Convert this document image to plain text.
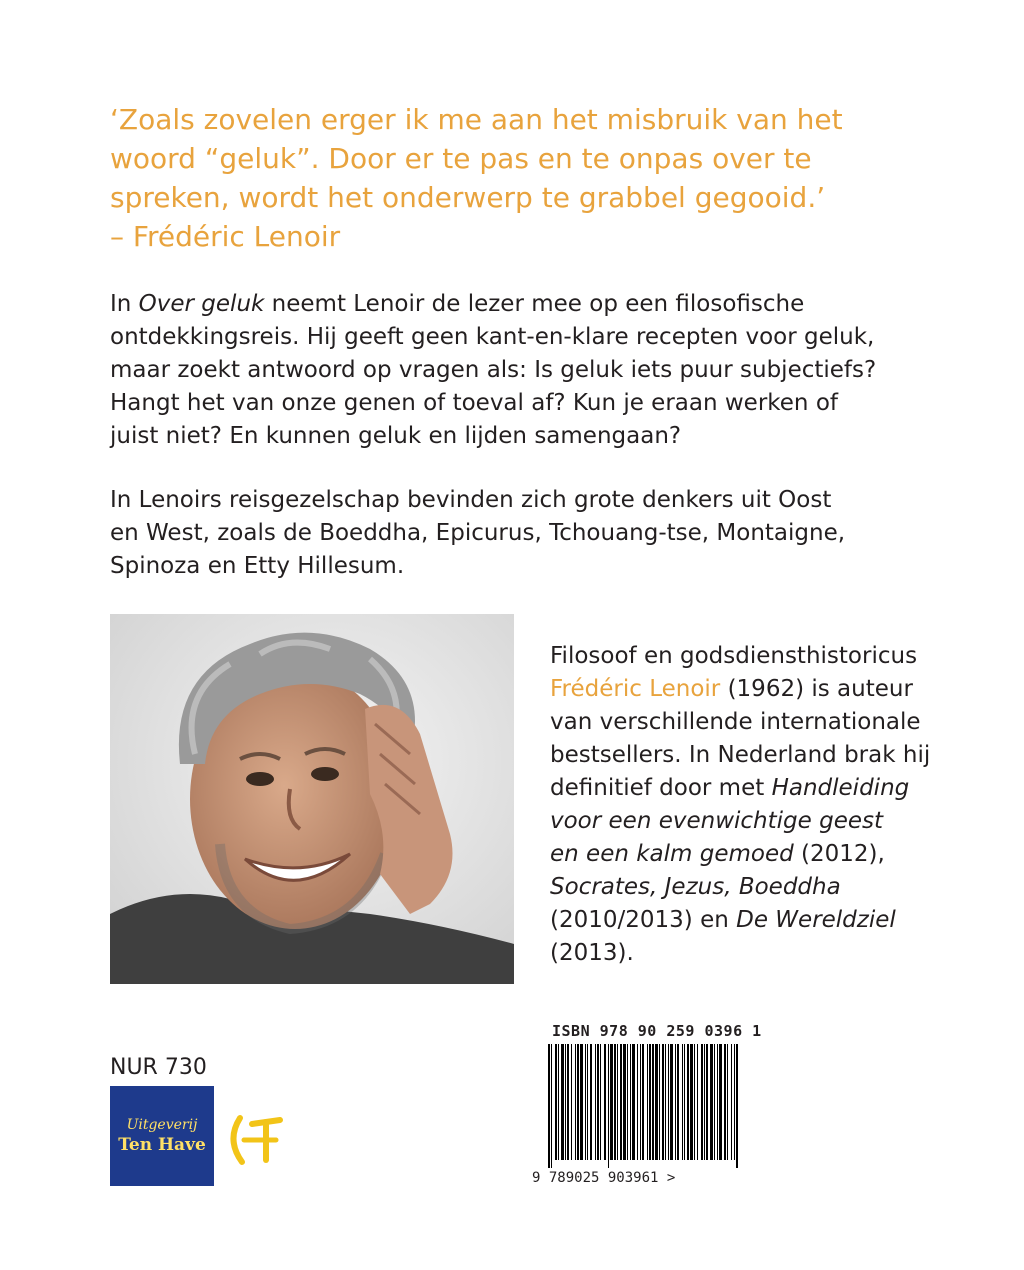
‘Zoals zovelen erger ik me aan het misbruik van het
woord “geluk”. Door er te pas en te onpas over te
spreken, wordt het onderwerp te grabbel gegooid.’
– Frédéric Lenoir
In Over geluk neemt Lenoir de lezer mee op een filosofische
ontdekkingsreis. Hij geeft geen kant-en-klare recepten voor geluk,
maar zoekt antwoord op vragen als: Is geluk iets puur subjectiefs?
Hangt het van onze genen of toeval af? Kun je eraan werken of
juist niet? En kunnen geluk en lijden samengaan?
In Lenoirs reisgezelschap bevinden zich grote denkers uit Oost
en West, zoals de Boeddha, Epicurus, Tchouang-tse, Montaigne,
Spinoza en Etty Hillesum.
Filosoof en godsdiensthistoricus
Frédéric Lenoir (1962) is auteur
van verschillende internationale
bestsellers. In Nederland brak hij
definitief door met Handleiding
voor een evenwichtige geest
en een kalm gemoed (2012),
Socrates, Jezus, Boeddha
(2010/2013) en De Wereldziel
(2013).
NUR 730
Uitgeverij
Ten Have
ISBN 978 90 259 0396 1
9 789025 903961 >
